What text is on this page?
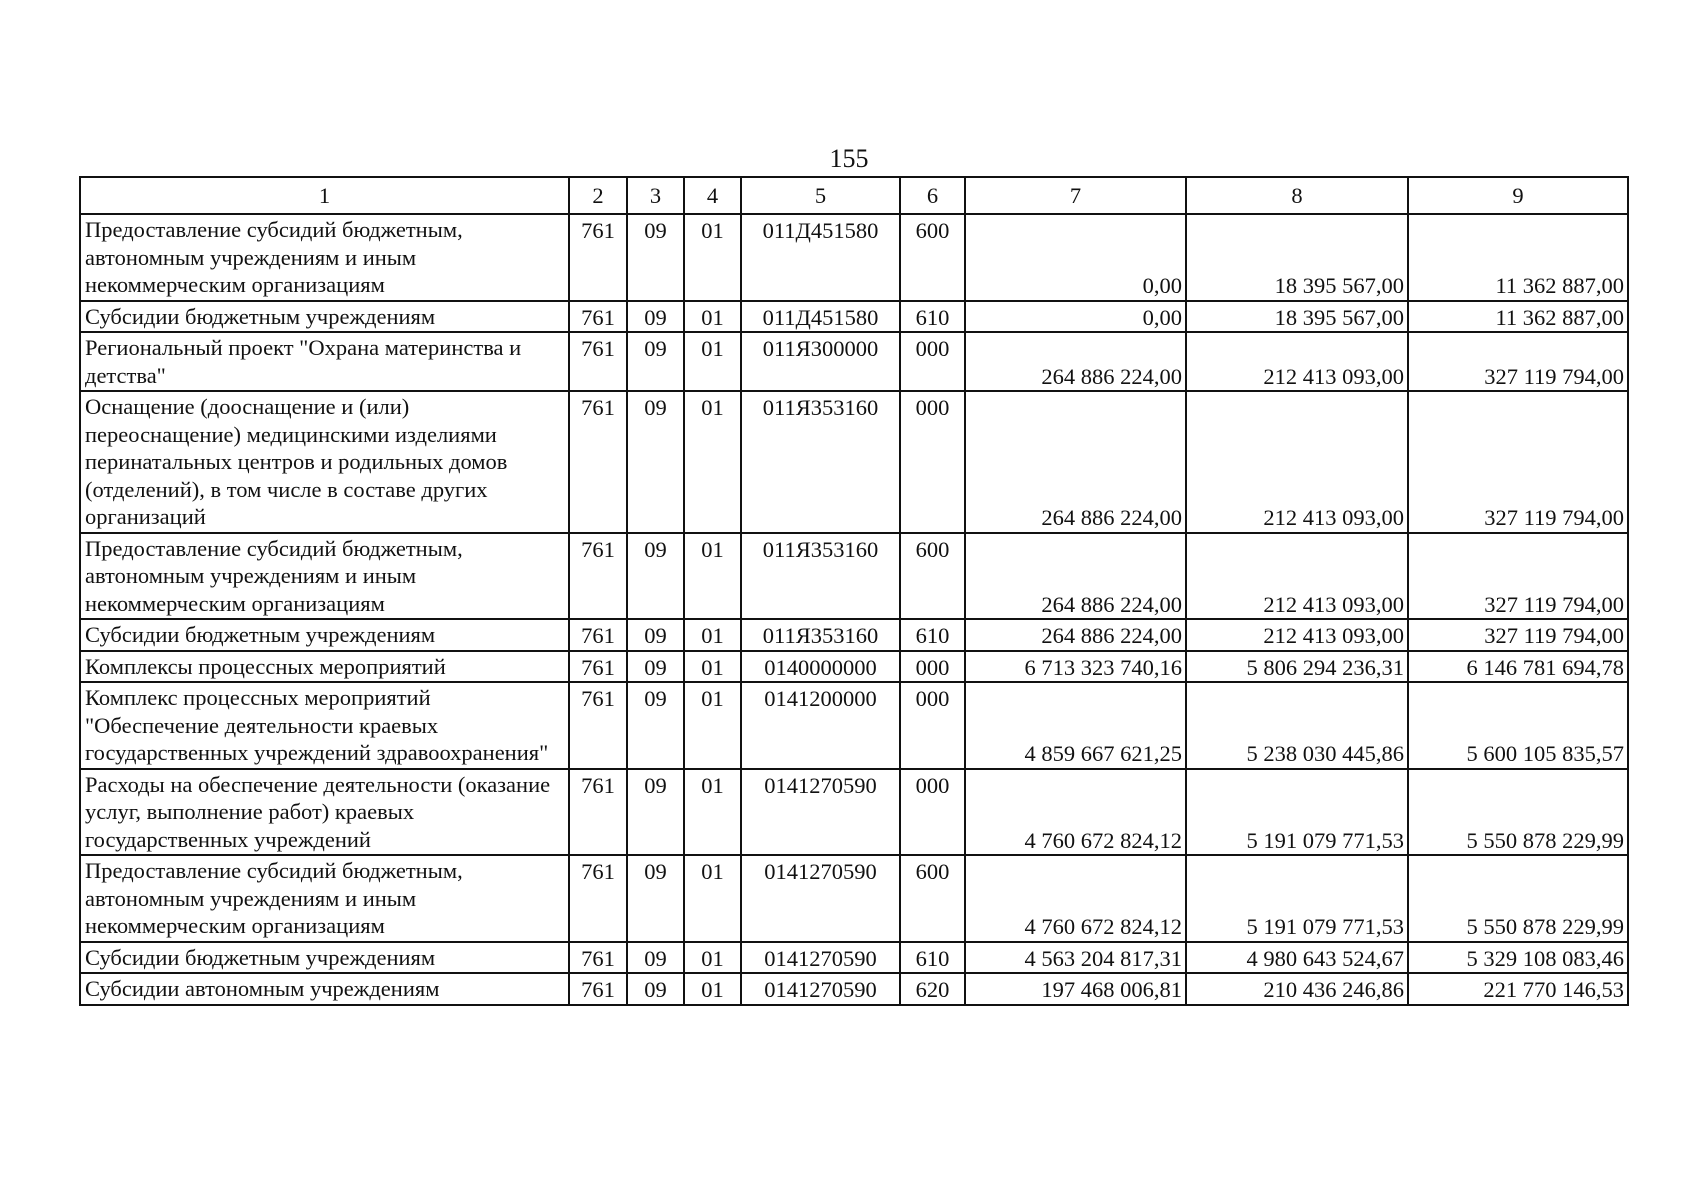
155
1	2	3	4	5	6	7	8	9
Предоставление субсидий бюджетным, автономным учреждениям и иным некоммерческим организациям	761	09	01	011Д451580	600	0,00	18 395 567,00	11 362 887,00
Субсидии бюджетным учреждениям	761	09	01	011Д451580	610	0,00	18 395 567,00	11 362 887,00
Региональный проект "Охрана материнства и детства"	761	09	01	011Я300000	000	264 886 224,00	212 413 093,00	327 119 794,00
Оснащение (дооснащение и (или) переоснащение) медицинскими изделиями перинатальных центров и родильных домов (отделений), в том числе в составе других организаций	761	09	01	011Я353160	000	264 886 224,00	212 413 093,00	327 119 794,00
Предоставление субсидий бюджетным, автономным учреждениям и иным некоммерческим организациям	761	09	01	011Я353160	600	264 886 224,00	212 413 093,00	327 119 794,00
Субсидии бюджетным учреждениям	761	09	01	011Я353160	610	264 886 224,00	212 413 093,00	327 119 794,00
Комплексы процессных мероприятий	761	09	01	0140000000	000	6 713 323 740,16	5 806 294 236,31	6 146 781 694,78
Комплекс процессных мероприятий "Обеспечение деятельности краевых государственных учреждений здравоохранения"	761	09	01	0141200000	000	4 859 667 621,25	5 238 030 445,86	5 600 105 835,57
Расходы на обеспечение деятельности (оказание услуг, выполнение работ) краевых государственных учреждений	761	09	01	0141270590	000	4 760 672 824,12	5 191 079 771,53	5 550 878 229,99
Предоставление субсидий бюджетным, автономным учреждениям и иным некоммерческим организациям	761	09	01	0141270590	600	4 760 672 824,12	5 191 079 771,53	5 550 878 229,99
Субсидии бюджетным учреждениям	761	09	01	0141270590	610	4 563 204 817,31	4 980 643 524,67	5 329 108 083,46
Субсидии автономным учреждениям	761	09	01	0141270590	620	197 468 006,81	210 436 246,86	221 770 146,53
